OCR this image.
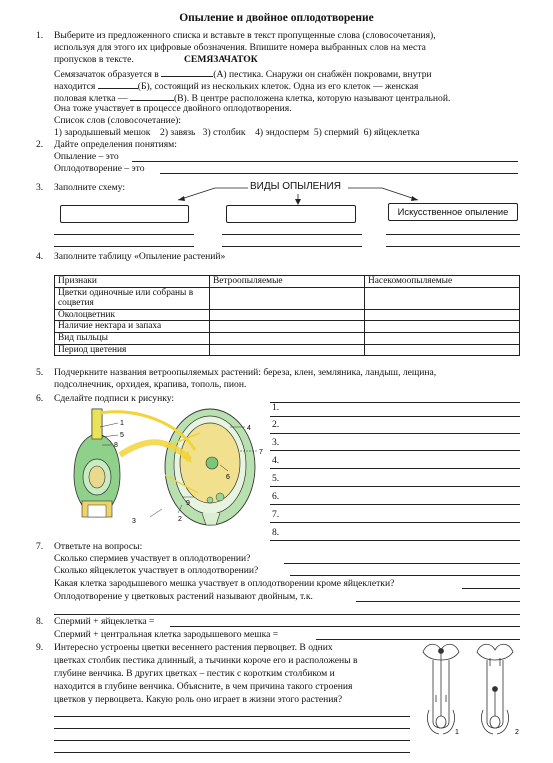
Опыление и двойное оплодотворение
1. Выберите из предложенного списка и вставьте в текст пропущенные слова (словосочетания),
используя для этого их цифровые обозначения. Впишите номера выбранных слов на места
пропусков в тексте.	СЕМЯЗАЧАТОК
Семязачаток образуется в	(А) пестика. Снаружи он снабжён покровами, внутри
находится	(Б), состоящий из нескольких клеток. Одна из его клеток — женская
половая клетка —	(В). В центре расположена клетка, которую называют центральной.
Она тоже участвует в процессе двойного оплодотворения.
Список слов (словосочетание):
1) зародышевый мешок 2) завязь 3) столбик 4) эндосперм 5) спермий 6) яйцеклетка
2. Дайте определения понятиям:
Опыление – это
Оплодотворение – это
3. Заполните схему:	ВИДЫ ОПЫЛЕНИЯ
Искусственное опыление
4. Заполните таблицу «Опыление растений»
Признаки	Ветроопыляемые	Насекомоопыляемые
Цветки одиночные или собраны в соцветия		
Околоцветник		
Наличие нектара и запаха		
Вид пыльцы		
Период цветения		
5. Подчеркните названия ветроопыляемых растений: береза, клен, земляника, ландыш, лещина,
подсолнечник, орхидея, крапива, тополь, пион.
6. Сделайте подписи к рисунку:
1.
2.
3.
4.
5.
6.
7.
8.
1
5
8
4
7
6
9
3	2
7. Ответьте на вопросы:
Сколько спермиев участвует в оплодотворении?
Сколько яйцеклеток участвует в оплодотворении?
Какая клетка зародышевого мешка участвует в оплодотворении кроме яйцеклетки?
Оплодотворение у цветковых растений называют двойным, т.к.
8. Спермий + яйцеклетка =
Спермий + центральная клетка зародышевого мешка =
9. Интересно устроены цветки весеннего растения первоцвет. В одних
цветках столбик пестика длинный, а тычинки короче его и расположены в
глубине венчика. В других цветках – пестик с коротким столбиком и
находится в глубине венчика. Объясните, в чем причина такого строения
цветков у первоцвета. Какую роль оно играет в жизни этого растения?
1	2
